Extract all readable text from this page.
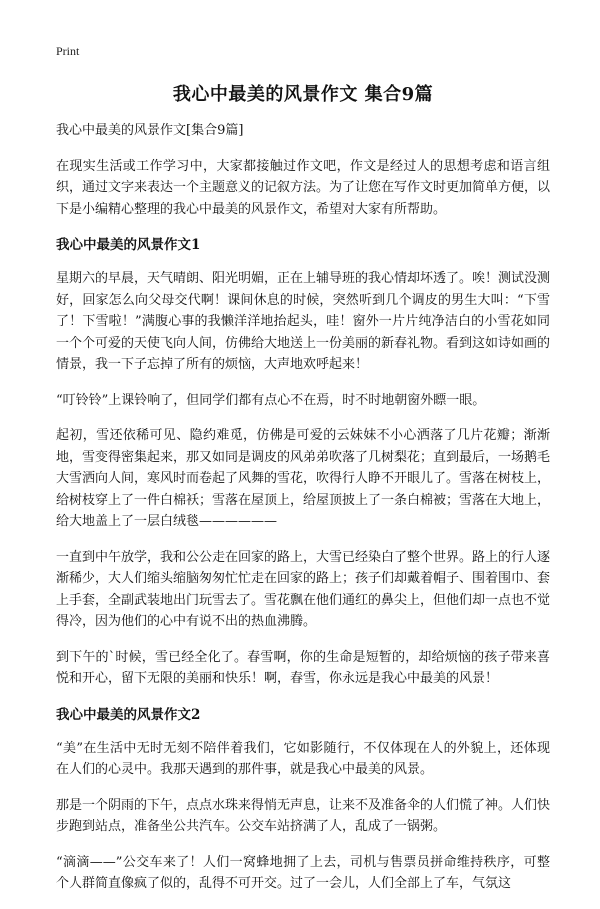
Print
我心中最美的风景作文 集合9篇

我心中最美的风景作文[集合9篇]

在现实生活或工作学习中，大家都接触过作文吧，作文是经过人的思想考虑和语言组织，通过文字来表达一个主题意义的记叙方法。为了让您在写作文时更加简单方便，以下是小编精心整理的我心中最美的风景作文，希望对大家有所帮助。

我心中最美的风景作文1

星期六的早晨，天气晴朗、阳光明媚，正在上辅导班的我心情却坏透了。唉！测试没测好，回家怎么向父母交代啊！课间休息的时候，突然听到几个调皮的男生大叫：“下雪了！下雪啦！”满腹心事的我懒洋洋地抬起头，哇！窗外一片片纯净洁白的小雪花如同一个个可爱的天使飞向人间，仿佛给大地送上一份美丽的新春礼物。看到这如诗如画的情景，我一下子忘掉了所有的烦恼，大声地欢呼起来！

“叮铃铃”上课铃响了，但同学们都有点心不在焉，时不时地朝窗外瞟一眼。

起初，雪还依稀可见、隐约难觅，仿佛是可爱的云妹妹不小心洒落了几片花瓣；渐渐地，雪变得密集起来，那又如同是调皮的风弟弟吹落了几树梨花；直到最后，一场鹅毛大雪洒向人间，寒风时而卷起了风舞的雪花，吹得行人睁不开眼儿了。雪落在树枝上，给树枝穿上了一件白棉袄；雪落在屋顶上，给屋顶披上了一条白棉被；雪落在大地上，给大地盖上了一层白绒毯——————

一直到中午放学，我和公公走在回家的路上，大雪已经染白了整个世界。路上的行人逐渐稀少，大人们缩头缩脑匆匆忙忙走在回家的路上；孩子们却戴着帽子、围着围巾、套上手套，全副武装地出门玩雪去了。雪花飘在他们通红的鼻尖上，但他们却一点也不觉得冷，因为他们的心中有说不出的热血沸腾。

到下午的`时候，雪已经全化了。春雪啊，你的生命是短暂的，却给烦恼的孩子带来喜悦和开心，留下无限的美丽和快乐！啊，春雪，你永远是我心中最美的风景！

我心中最美的风景作文2

“美”在生活中无时无刻不陪伴着我们，它如影随行，不仅体现在人的外貌上，还体现在人们的心灵中。我那天遇到的那件事，就是我心中最美的风景。

那是一个阴雨的下午，点点水珠来得悄无声息，让来不及准备伞的人们慌了神。人们快步跑到站点，准备坐公共汽车。公交车站挤满了人，乱成了一锅粥。

“滴滴——”公交车来了！人们一窝蜂地拥了上去，司机与售票员拼命维持秩序，可整个人群简直像疯了似的，乱得不可开交。过了一会儿，人们全部上了车，气氛这
